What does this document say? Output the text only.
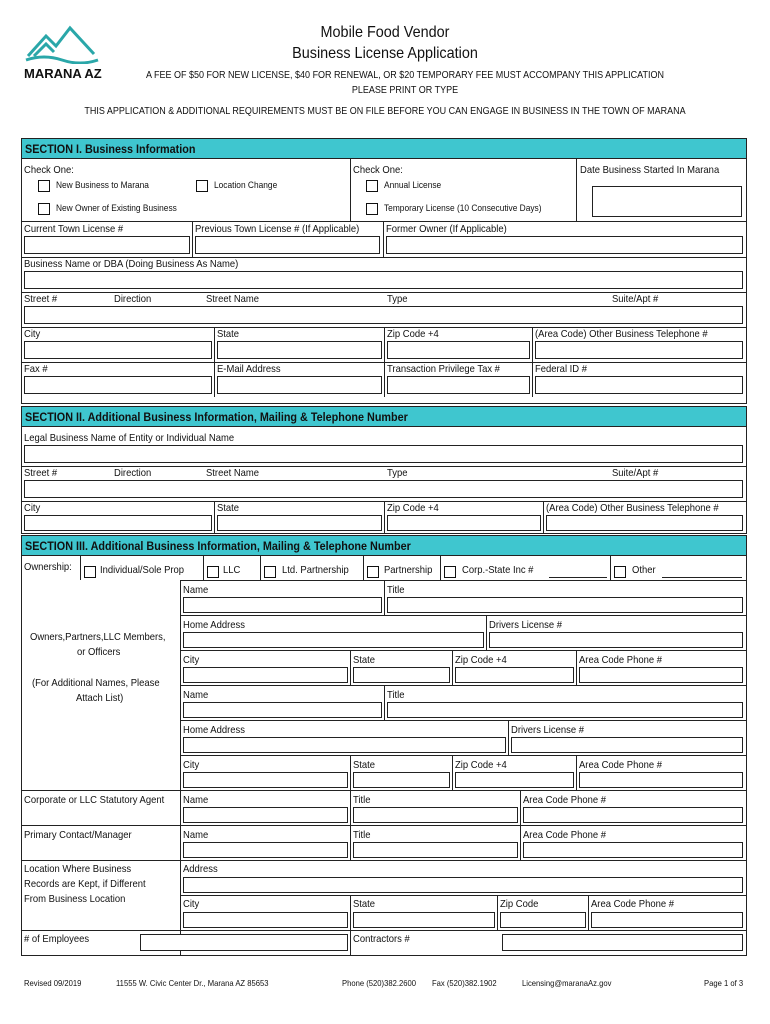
MARANA AZ
Mobile Food Vendor
Business License Application
A FEE OF $50 FOR NEW LICENSE, $40 FOR RENEWAL, OR $20 TEMPORARY FEE MUST ACCOMPANY THIS APPLICATION
PLEASE PRINT OR TYPE
THIS APPLICATION & ADDITIONAL REQUIREMENTS MUST BE ON FILE BEFORE YOU CAN ENGAGE IN BUSINESS IN THE TOWN OF MARANA
SECTION I. Business Information
Check One:
New Business to Marana	Location Change
New Owner of Existing Business
Check One:
Annual License
Temporary License (10 Consecutive Days)
Date Business Started In Marana
Current Town License #	Previous Town License # (If Applicable)	Former Owner (If Applicable)
Business Name or DBA (Doing Business As Name)
Street #	Direction	Street Name	Type	Suite/Apt #
City	State	Zip Code +4	(Area Code) Other Business Telephone #
Fax #	E-Mail Address	Transaction Privilege Tax #	Federal ID #
SECTION II. Additional Business Information, Mailing & Telephone Number
Legal Business Name of Entity or Individual Name
Street #	Direction	Street Name	Type	Suite/Apt #
City	State	Zip Code +4	(Area Code) Other Business Telephone #
SECTION III. Additional Business Information, Mailing & Telephone Number
Ownership:	Individual/Sole Prop	LLC	Ltd. Partnership	Partnership	Corp.-State Inc #	Other
Owners,Partners,LLC Members,
or Officers
(For Additional Names, Please
Attach List)
Name	Title
Home Address	Drivers License #
City	State	Zip Code +4	Area Code Phone #
Name	Title
Home Address	Drivers License #
City	State	Zip Code +4	Area Code Phone #
Corporate or LLC Statutory Agent Name	Title	Area Code Phone #
Primary Contact/Manager	Name	Title	Area Code Phone #
Location Where Business
Records are Kept, if Different
From Business Location
Address
City	State	Zip Code	Area Code Phone #
# of Employees	Contractors #
Revised 09/2019	11555 W. Civic Center Dr., Marana AZ 85653	Phone (520)382.2600 Fax (520)382.1902	Licensing@maranaAz.gov	Page 1 of 3
